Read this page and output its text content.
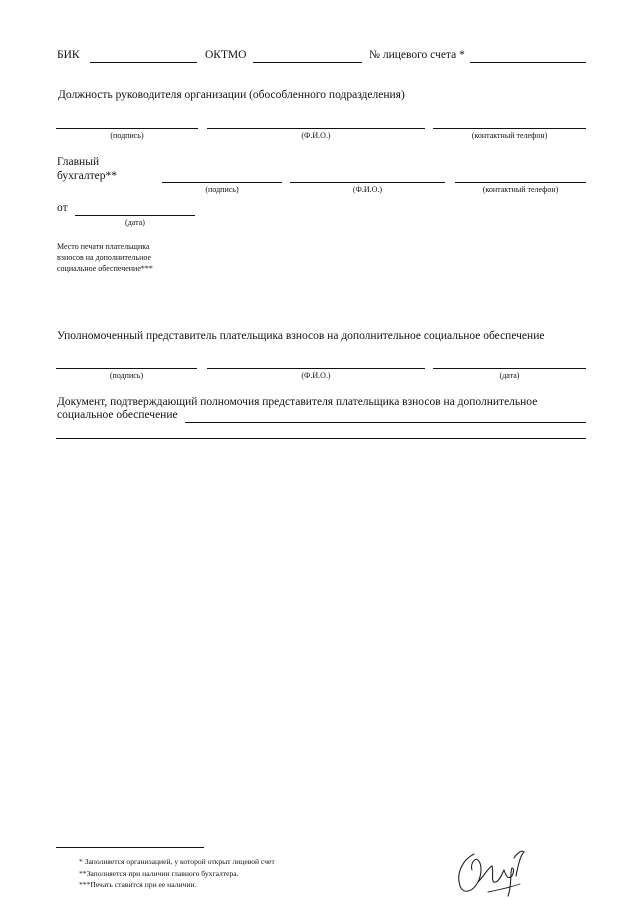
БИК	ОКТМО	№ лицевого счета *
Должность руководителя организации (обособленного подразделения)
(подпись)	(Ф.И.О.)	(контактный телефон)
Главный
бухгалтер**
(подпись)	(Ф.И.О.)	(контактный телефон)
от
(дата)
Место печати плательщика
взносов на дополнительное
социальное обеспечение***
Уполномоченный представитель плательщика взносов на дополнительное социальное обеспечение
(подпись)	(Ф.И.О.)	(дата)
Документ, подтверждающий полномочия представителя плательщика взносов на дополнительное
социальное обеспечение
* Заполняется организацией, у которой открыт лицевой счет
**Заполняется при наличии главного бухгалтера.
***Печать ставится при ее наличии.
